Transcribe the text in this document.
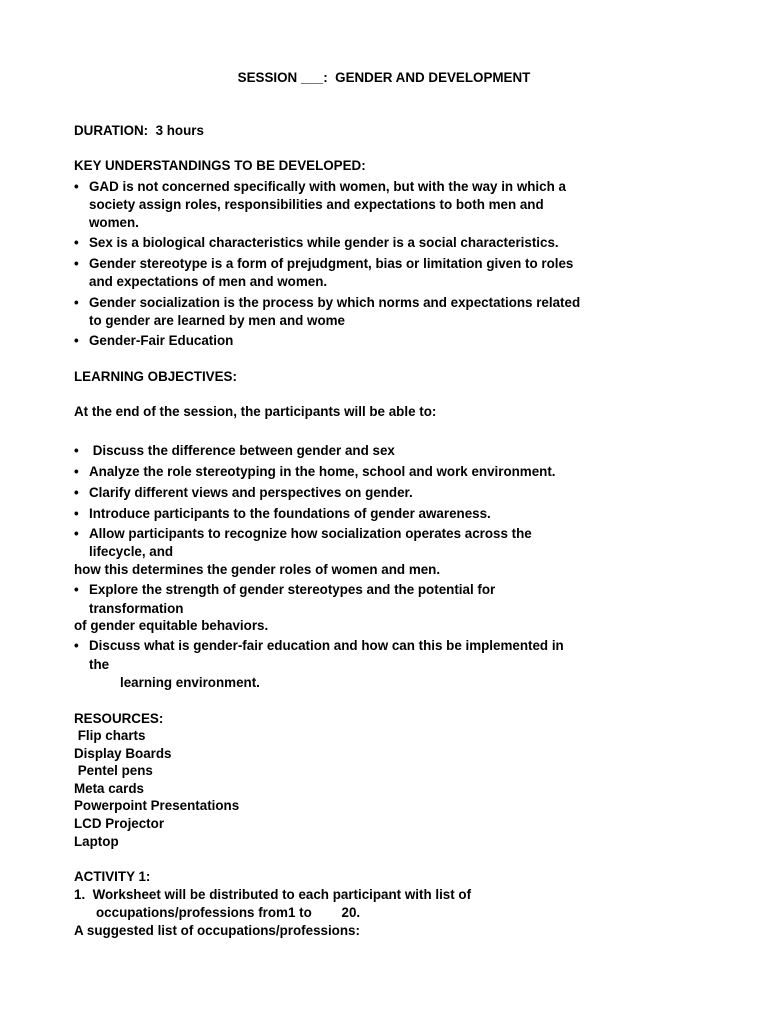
SESSION ___:  GENDER AND DEVELOPMENT
DURATION:  3 hours
KEY UNDERSTANDINGS TO BE DEVELOPED:
• GAD is not concerned specifically with women, but with the way in which a
society assign roles, responsibilities and expectations to both men and
women.
• Sex is a biological characteristics while gender is a social characteristics.
• Gender stereotype is a form of prejudgment, bias or limitation given to roles
and expectations of men and women.
• Gender socialization is the process by which norms and expectations related
to gender are learned by men and wome
• Gender-Fair Education
LEARNING OBJECTIVES:
At the end of the session, the participants will be able to:
• Discuss the difference between gender and sex
• Analyze the role stereotyping in the home, school and work environment.
• Clarify different views and perspectives on gender.
• Introduce participants to the foundations of gender awareness.
• Allow participants to recognize how socialization operates across the
lifecycle, and
how this determines the gender roles of women and men.
• Explore the strength of gender stereotypes and the potential for
transformation
of gender equitable behaviors.
• Discuss what is gender-fair education and how can this be implemented in
the
learning environment.
RESOURCES:
Flip charts
Display Boards
Pentel pens
Meta cards
Powerpoint Presentations
LCD Projector
Laptop
ACTIVITY 1:
1.  Worksheet will be distributed to each participant with list of
occupations/professions from1 to        20.
A suggested list of occupations/professions:
